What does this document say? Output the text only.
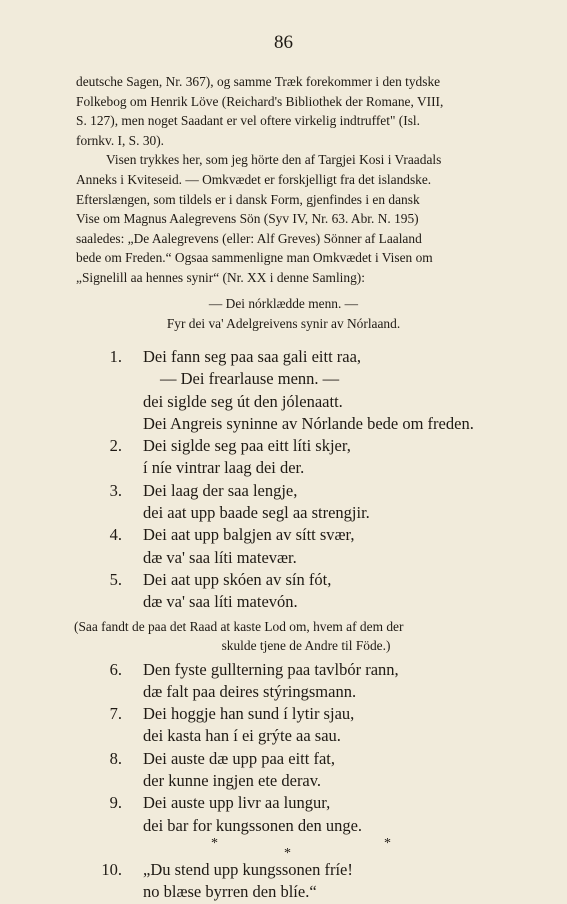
86
deutsche Sagen, Nr. 367), og samme Træk forekommer i den tydske
Folkebog om Henrik Löve (Reichard's Bibliothek der Romane, VIII,
S. 127), men noget Saadant er vel oftere virkelig indtruffet" (Isl.
fornkv. I, S. 30).
Visen trykkes her, som jeg hörte den af Targjei Kosi i Vraadals
Anneks i Kviteseid. — Omkvædet er forskjelligt fra det islandske.
Efterslængen, som tildels er i dansk Form, gjenfindes i en dansk
Vise om Magnus Aalegrevens Sön (Syv IV, Nr. 63. Abr. N. 195)
saaledes: „De Aalegrevens (eller: Alf Greves) Sönner af Laaland
bede om Freden.“ Ogsaa sammenligne man Omkvædet i Visen om
„Signelill aa hennes synir“ (Nr. XX i denne Samling):
— Dei nórklædde menn. —
Fyr dei va' Adelgreivens synir av Nórlaand.
1.	Dei fann seg paa saa gali eitt raa,
— Dei frearlause menn. —
dei siglde seg út den jólenaatt.
Dei Angreis syninne av Nórlande bede om freden.
2.	Dei siglde seg paa eitt líti skjer,
í níe vintrar laag dei der.
3.	Dei laag der saa lengje,
dei aat upp baade segl aa strengjir.
4.	Dei aat upp balgjen av sítt svær,
dæ va' saa líti matevær.
5.	Dei aat upp skóen av sín fót,
dæ va' saa líti matevón.
(Saa fandt de paa det Raad at kaste Lod om, hvem af dem der
skulde tjene de Andre til Föde.)
6.	Den fyste gullterning paa tavlbór rann,
dæ falt paa deires stýringsmann.
7.	Dei hoggje han sund í lytir sjau,
dei kasta han í ei grýte aa sau.
8.	Dei auste dæ upp paa eitt fat,
der kunne ingjen ete derav.
9.	Dei auste upp livr aa lungur,
dei bar for kungssonen den unge.
*	*
*
10.	„Du stend upp kungssonen fríe!
no blæse byrren den blíe.“
